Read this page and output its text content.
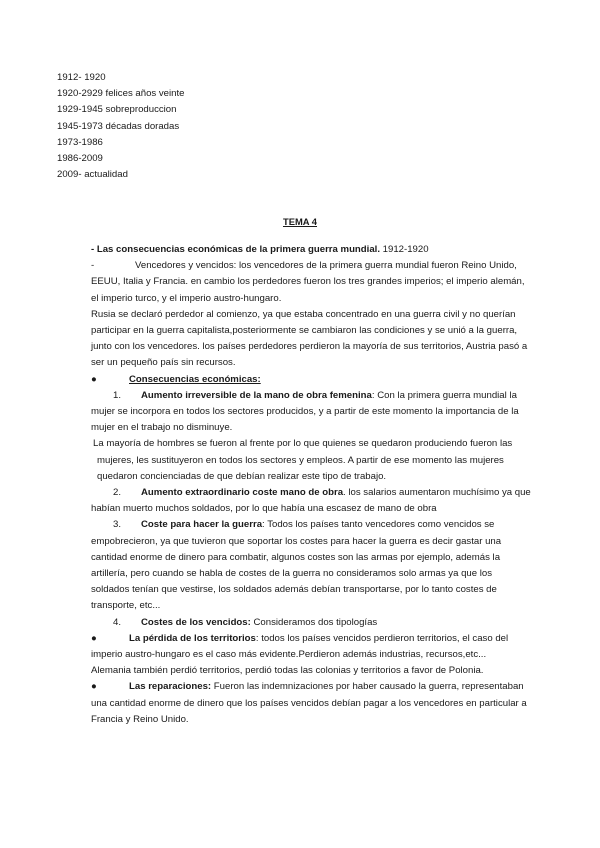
1912- 1920
1920-2929 felices años veinte
1929-1945 sobreproduccion
1945-1973 décadas doradas
1973-1986
1986-2009
2009- actualidad
TEMA 4

- Las consecuencias económicas de la primera guerra mundial. 1912-1920

-	Vencedores y vencidos: los vencedores de la primera guerra mundial fueron Reino Unido, EEUU, Italia y Francia. en cambio los perdedores fueron los tres grandes imperios; el imperio alemán, el imperio turco, y el imperio austro-hungaro.

Rusia se declaró perdedor al comienzo, ya que estaba concentrado en una guerra civil y no querían participar en la guerra capitalista,posteriormente se cambiaron las condiciones y se unió a la guerra, junto con los vencedores. los países perdedores perdieron la mayoría de sus territorios, Austria pasó a ser un pequeño país sin recursos.

●	Consecuencias económicas:

1. Aumento irreversible de la mano de obra femenina: Con la primera guerra mundial la mujer se incorpora en todos los sectores producidos, y a partir de este momento la importancia de la mujer en el trabajo no disminuye.

La mayoría de hombres se fueron al frente por lo que quienes se quedaron produciendo fueron las mujeres, les sustituyeron en todos los sectores y empleos. A partir de ese momento las mujeres quedaron concienciadas de que debían realizar este tipo de trabajo.

2. Aumento extraordinario coste mano de obra. los salarios aumentaron muchísimo ya que habían muerto muchos soldados, por lo que había una escasez de mano de obra

3. Coste para hacer la guerra: Todos los países tanto vencedores como vencidos se empobrecieron, ya que tuvieron que soportar los costes para hacer la guerra es decir gastar una cantidad enorme de dinero para combatir, algunos costes son las armas por ejemplo, además la artillería, pero cuando se habla de costes de la guerra no consideramos solo armas ya que los soldados tenían que vestirse, los soldados además debían transportarse, por lo tanto costes de transporte, etc...

4. Costes de los vencidos: Consideramos dos tipologías

●	La pérdida de los territorios: todos los países vencidos perdieron territorios, el caso del imperio austro-hungaro es el caso más evidente.Perdieron además industrias, recursos,etc...

Alemania también perdió territorios, perdió todas las colonias y territorios a favor de Polonia.

●	Las reparaciones: Fueron las indemnizaciones por haber causado la guerra, representaban una cantidad enorme de dinero que los países vencidos debían pagar a los vencedores en particular a Francia y Reino Unido.
